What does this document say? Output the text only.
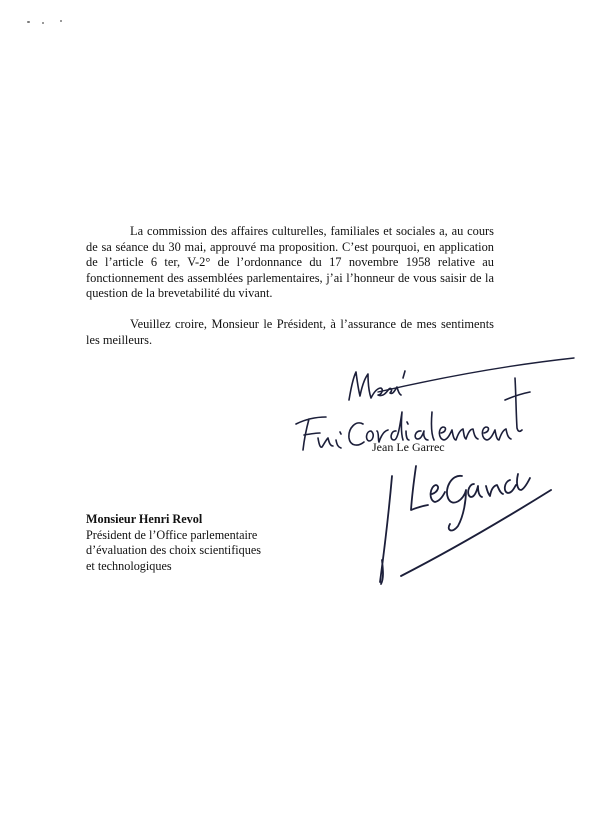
La commission des affaires culturelles, familiales et sociales a, au cours de sa séance du 30 mai, approuvé ma proposition. C’est pourquoi, en application de l’article 6 ter, V-2° de l’ordonnance du 17 novembre 1958 relative au fonctionnement des assemblées parlementaires, j’ai l’honneur de vous saisir de la question de la brevetabilité du vivant.

Veuillez croire, Monsieur le Président, à l’assurance de mes sentiments les meilleurs.

Jean Le Garrec
Monsieur Henri Revol
Président de l’Office parlementaire
d’évaluation des choix scientifiques
et technologiques
